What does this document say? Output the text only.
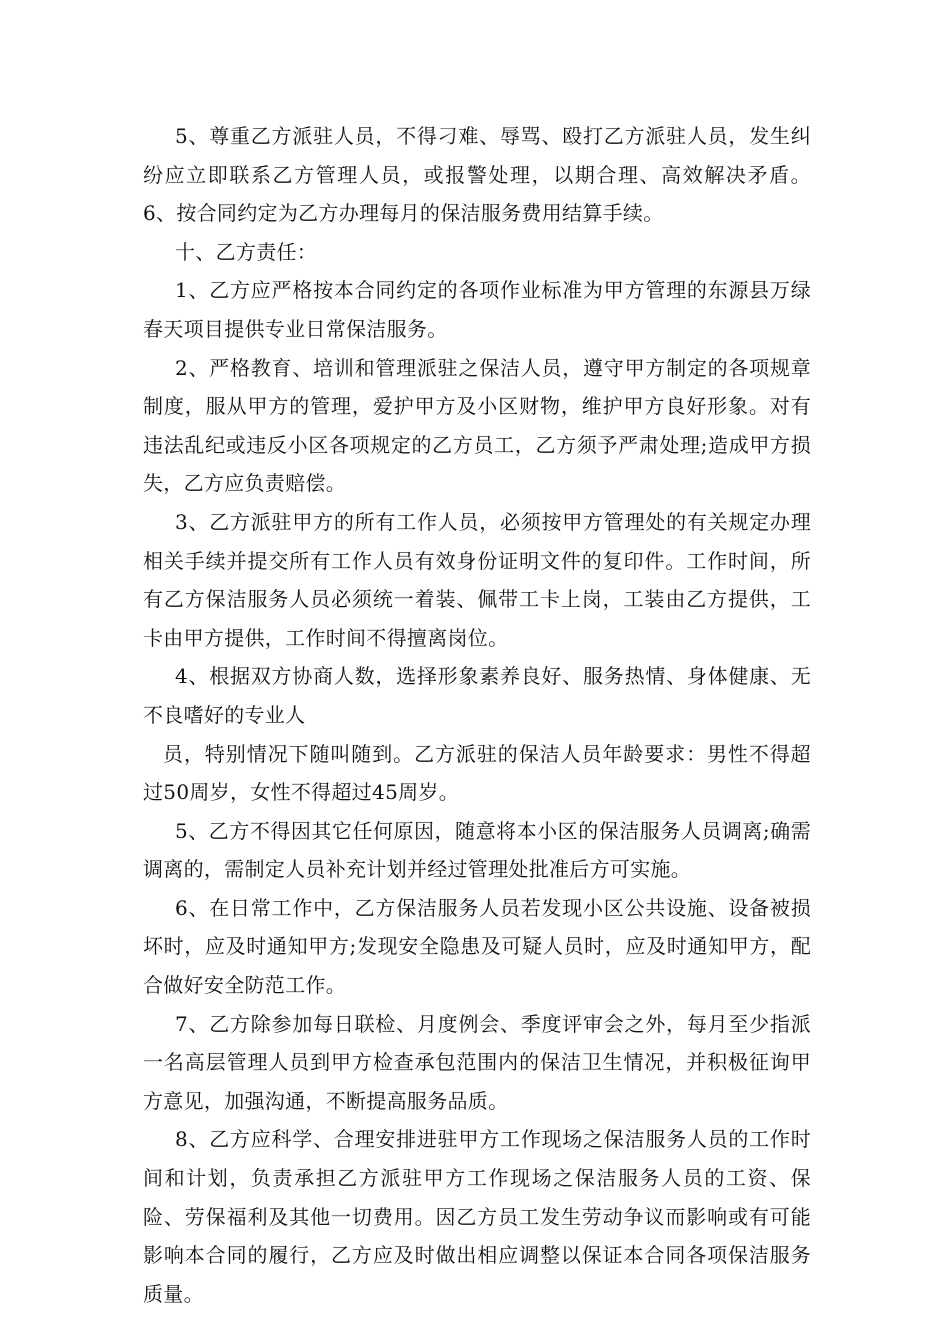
5、尊重乙方派驻人员，不得刁难、辱骂、殴打乙方派驻人员，发生纠纷应立即联系乙方管理人员，或报警处理，以期合理、高效解决矛盾。 6、按合同约定为乙方办理每月的保洁服务费用结算手续。

十、乙方责任：

1、乙方应严格按本合同约定的各项作业标准为甲方管理的东源县万绿春天项目提供专业日常保洁服务。

2、严格教育、培训和管理派驻之保洁人员，遵守甲方制定的各项规章制度，服从甲方的管理，爱护甲方及小区财物，维护甲方良好形象。对有违法乱纪或违反小区各项规定的乙方员工，乙方须予严肃处理;造成甲方损失，乙方应负责赔偿。

3、乙方派驻甲方的所有工作人员，必须按甲方管理处的有关规定办理相关手续并提交所有工作人员有效身份证明文件的复印件。工作时间，所有乙方保洁服务人员必须统一着装、佩带工卡上岗，工装由乙方提供，工卡由甲方提供，工作时间不得擅离岗位。

4、根据双方协商人数，选择形象素养良好、服务热情、身体健康、无不良嗜好的专业人

员，特别情况下随叫随到。乙方派驻的保洁人员年龄要求：男性不得超过50周岁，女性不得超过45周岁。

5、乙方不得因其它任何原因，随意将本小区的保洁服务人员调离;确需调离的，需制定人员补充计划并经过管理处批准后方可实施。

6、在日常工作中，乙方保洁服务人员若发现小区公共设施、设备被损坏时，应及时通知甲方;发现安全隐患及可疑人员时，应及时通知甲方，配合做好安全防范工作。

7、乙方除参加每日联检、月度例会、季度评审会之外，每月至少指派一名高层管理人员到甲方检查承包范围内的保洁卫生情况，并积极征询甲方意见，加强沟通，不断提高服务品质。

8、乙方应科学、合理安排进驻甲方工作现场之保洁服务人员的工作时间和计划，负责承担乙方派驻甲方工作现场之保洁服务人员的工资、保险、劳保福利及其他一切费用。因乙方员工发生劳动争议而影响或有可能影响本合同的履行，乙方应及时做出相应调整以保证本合同各项保洁服务质量。
